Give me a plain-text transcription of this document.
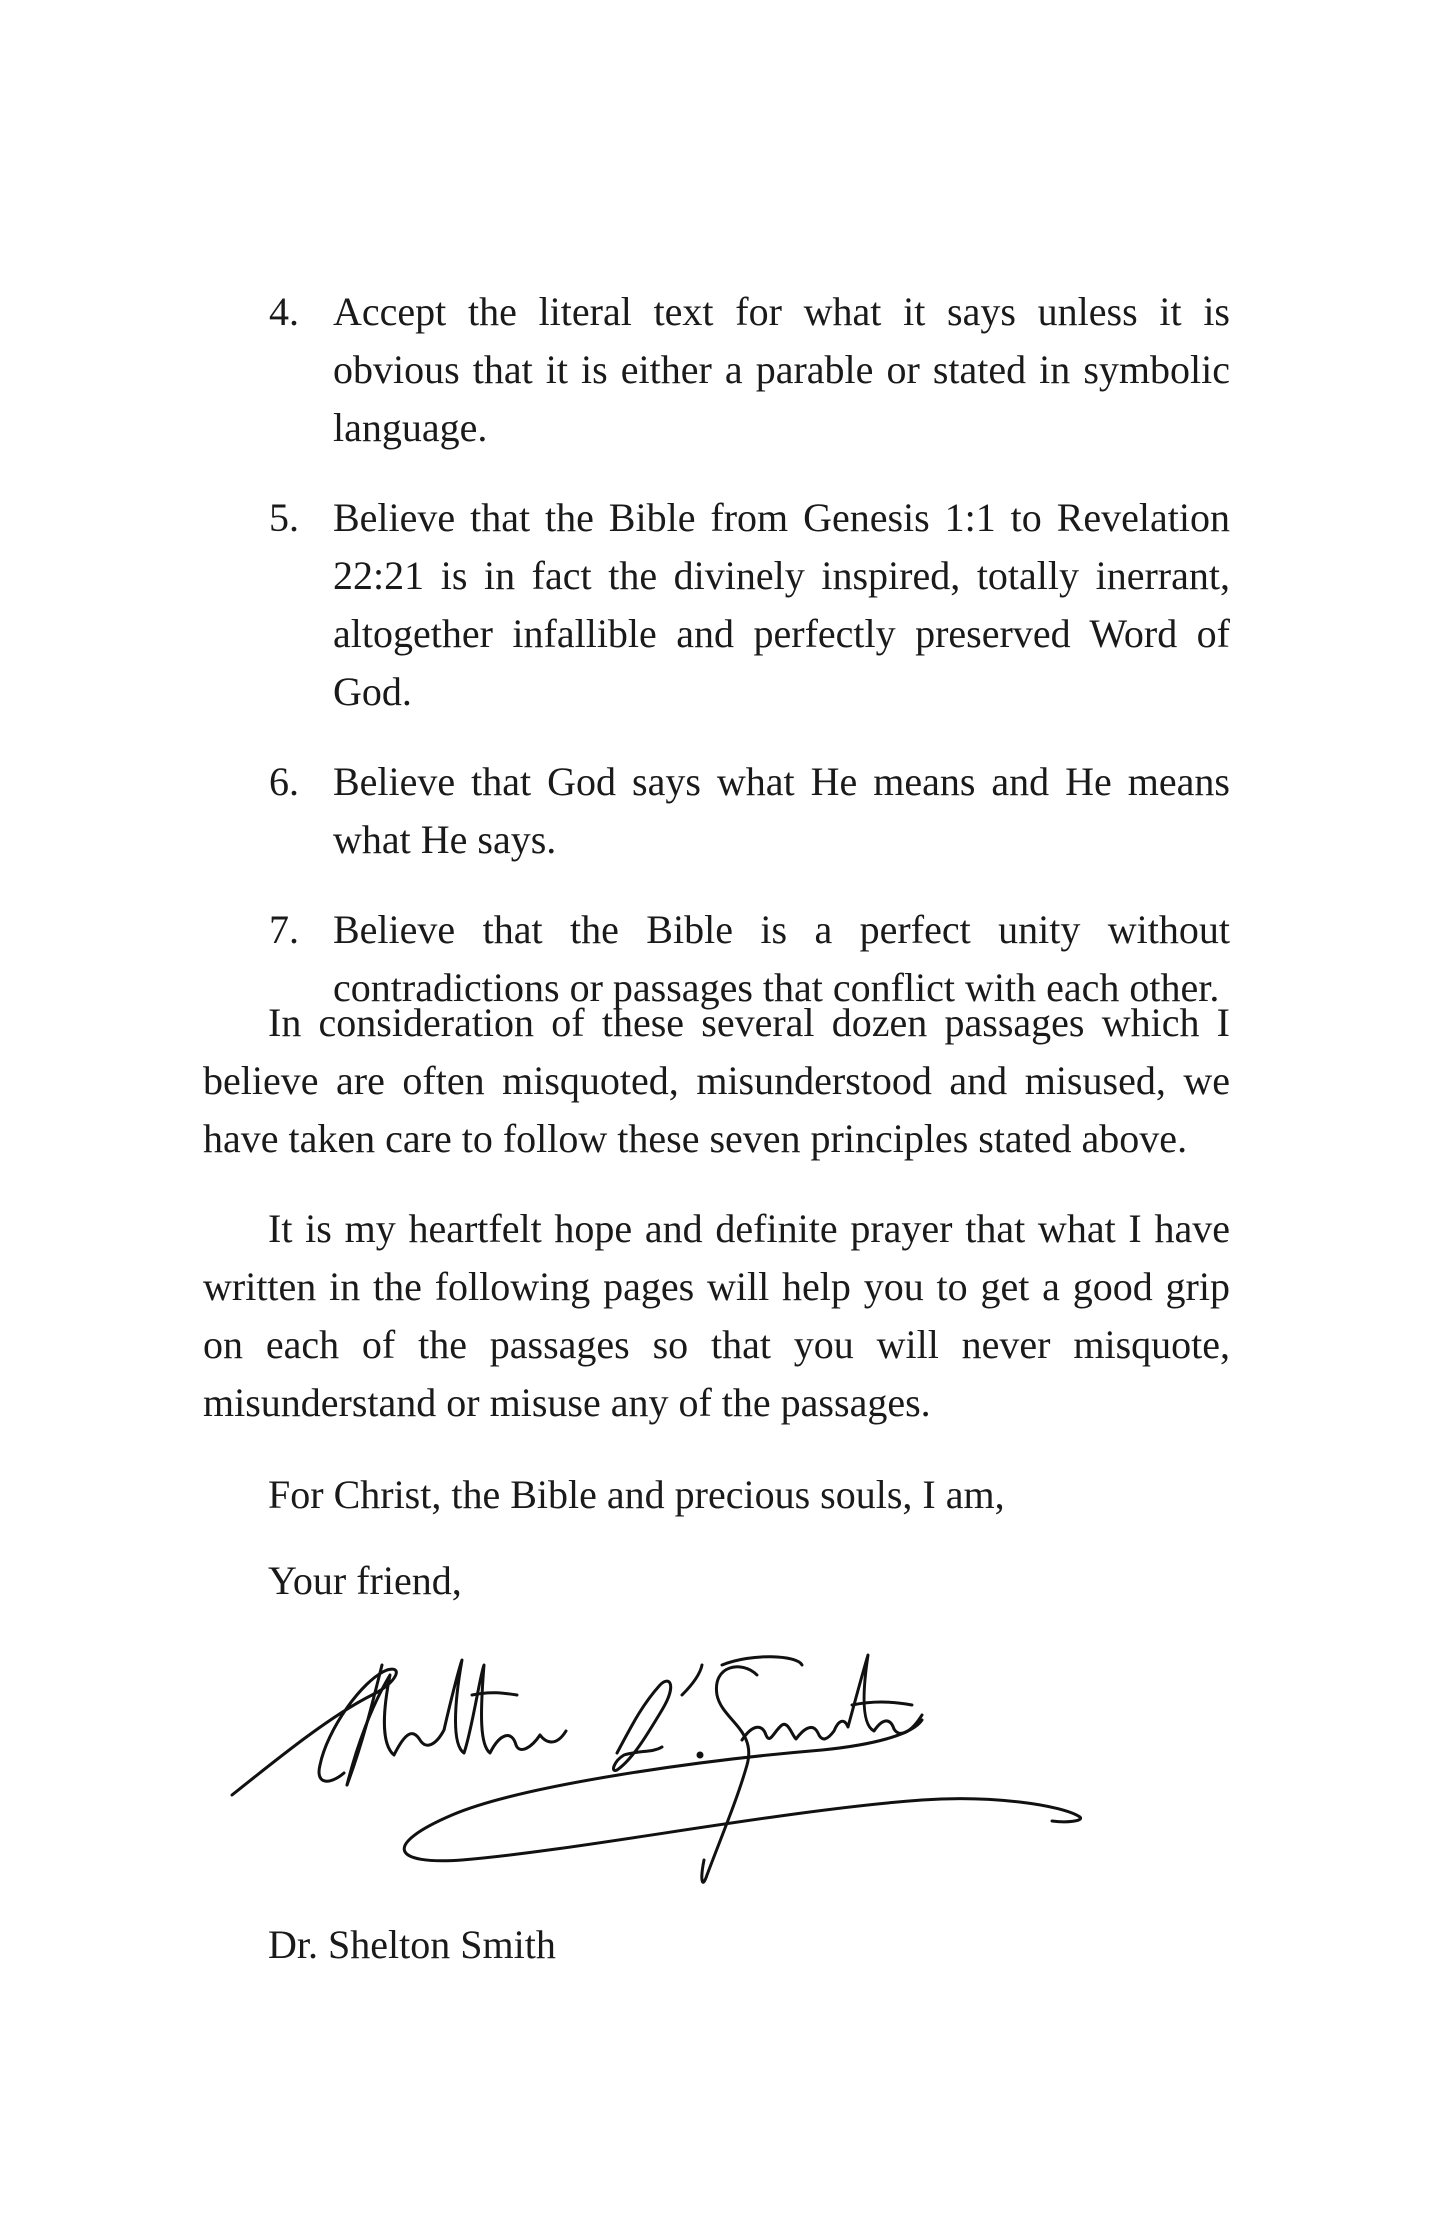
4. Accept the literal text for what it says unless it is obvious that it is either a parable or stated in symbolic language.
5. Believe that the Bible from Genesis 1:1 to Revelation 22:21 is in fact the divinely inspired, totally inerrant, altogether infallible and perfectly preserved Word of God.
6. Believe that God says what He means and He means what He says.
7. Believe that the Bible is a perfect unity without contradictions or passages that conflict with each other.

In consideration of these several dozen passages which I believe are often misquoted, misunderstood and misused, we have taken care to follow these seven principles stated above.

It is my heartfelt hope and definite prayer that what I have written in the following pages will help you to get a good grip on each of the passages so that you will never misquote, misunderstand or misuse any of the passages.

For Christ, the Bible and precious souls, I am,
Your friend,
Dr. Shelton Smith
